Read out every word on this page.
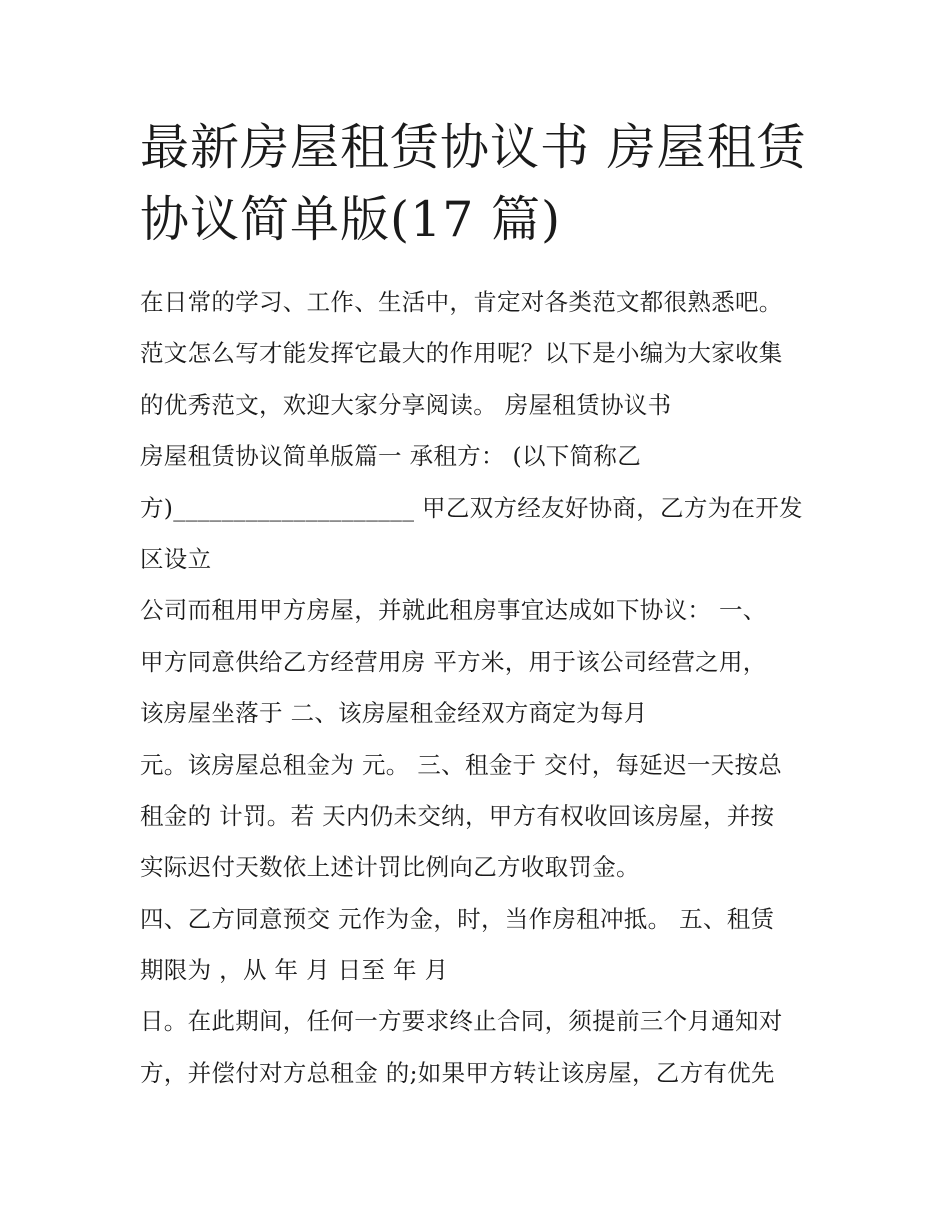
最新房屋租赁协议书 房屋租赁
协议简单版(17 篇)
在日常的学习、工作、生活中，肯定对各类范文都很熟悉吧。
范文怎么写才能发挥它最大的作用呢？以下是小编为大家收集
的优秀范文，欢迎大家分享阅读。 房屋租赁协议书
房屋租赁协议简单版篇一 承租方： (以下简称乙
方)____________________ 甲乙双方经友好协商，乙方为在开发
区设立
公司而租用甲方房屋，并就此租房事宜达成如下协议： 一、
甲方同意供给乙方经营用房 平方米，用于该公司经营之用，
该房屋坐落于 二、该房屋租金经双方商定为每月
元。该房屋总租金为 元。 三、租金于 交付，每延迟一天按总
租金的 计罚。若 天内仍未交纳，甲方有权收回该房屋，并按
实际迟付天数依上述计罚比例向乙方收取罚金。
四、乙方同意预交 元作为金，时，当作房租冲抵。 五、租赁
期限为 ，从 年 月 日至 年 月
日。在此期间，任何一方要求终止合同，须提前三个月通知对
方，并偿付对方总租金 的;如果甲方转让该房屋，乙方有优先
